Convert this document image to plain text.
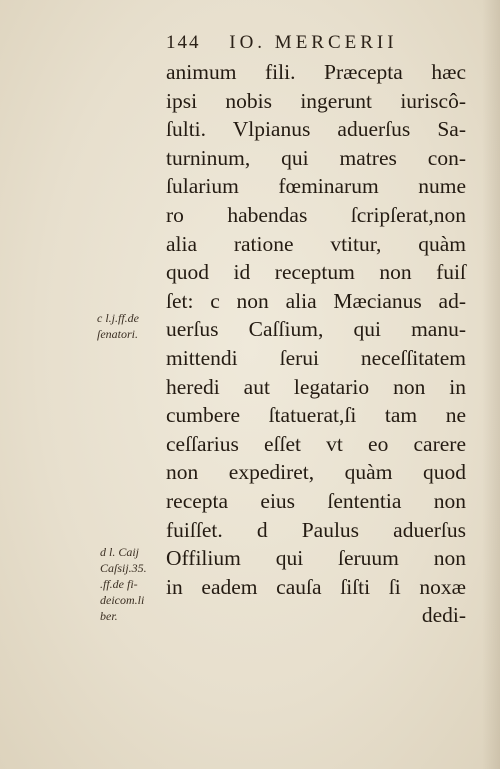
144 IO. MERCERII
c l.j.ff.de
ſenatori.
d l. Caij
Caſsij.35.
.ff.de fi-
deicom.li
ber.
animum fili. Præcepta hæc
ipsi nobis ingerunt iuriscô-
ſulti. Vlpianus aduerſus Sa-
turninum, qui matres con-
ſularium fœminarum nume
ro habendas ſcripſerat,non
alia ratione vtitur, quàm
quod id receptum non fuiſ
ſet: c non alia Mæcianus ad-
uerſus Caſſium, qui manu-
mittendi ſerui neceſſitatem
heredi aut legatario non in
cumbere ſtatuerat,ſi tam ne
ceſſarius eſſet vt eo carere
non expediret, quàm quod
recepta eius ſententia non
fuiſſet. d Paulus aduerſus
Offilium qui ſeruum non
in eadem cauſa ſiſti ſi noxæ
dedi-
